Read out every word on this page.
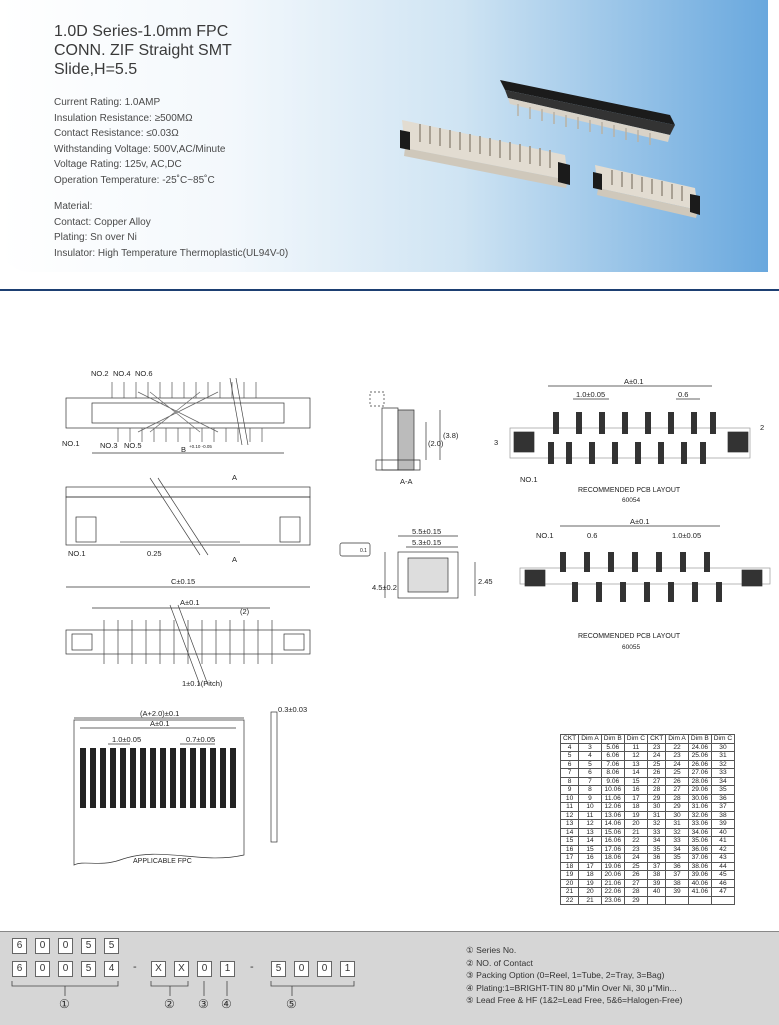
1.0D Series-1.0mm FPC
CONN. ZIF Straight SMT
Slide,H=5.5
Current Rating: 1.0AMP
Insulation Resistance: ≥500MΩ
Contact Resistance: ≤0.03Ω
Withstanding Voltage: 500V,AC/Minute
Voltage Rating: 125v, AC,DC
Operation Temperature: -25˚C~85˚C
Material:
Contact: Copper Alloy
Plating: Sn over Ni
Insulator: High Temperature Thermoplastic(UL94V-0)
NO.2 NO.4 NO.6
NO.1	NO.3 NO.5	B +0.10 -0.05
A
A
NO.1	0.25
C±0.15
A±0.1
(2)
1±0.1(Pitch)
(A+2.0)±0.1
A±0.1
1.0±0.05	0.7±0.05
0.3±0.03
APPLICABLE FPC
A-A
(2.0)
(3.8)
0.1
5.5±0.15
5.3±0.15
4.5±0.2
2.45
A±0.1
1.0±0.05	0.6
3
2
NO.1
RECOMMENDED PCB LAYOUT
60054
A±0.1
NO.1	0.6	1.0±0.05
RECOMMENDED PCB LAYOUT
60055
CKT	Dim A	Dim B	Dim C	CKT	Dim A	Dim B	Dim C
4	3	5.06	11	23	22	24.06	30
5	4	6.06	12	24	23	25.06	31
6	5	7.06	13	25	24	26.06	32
7	6	8.06	14	26	25	27.06	33
8	7	9.06	15	27	26	28.06	34
9	8	10.06	16	28	27	29.06	35
10	9	11.06	17	29	28	30.06	36
11	10	12.06	18	30	29	31.06	37
12	11	13.06	19	31	30	32.06	38
13	12	14.06	20	32	31	33.06	39
14	13	15.06	21	33	32	34.06	40
15	14	16.06	22	34	33	35.06	41
16	15	17.06	23	35	34	36.06	42
17	16	18.06	24	36	35	37.06	43
18	17	19.06	25	37	36	38.06	44
19	18	20.06	26	38	37	39.06	45
20	19	21.06	27	39	38	40.06	46
21	20	22.06	28	40	39	41.06	47
22	21	23.06	29				
6	0	0	5	5
6	0	0	5	4	-	X	X	0	1	-	5	0	0	1
①	② ③ ④	⑤
① Series No.
② NO. of Contact
③ Packing Option (0=Reel, 1=Tube, 2=Tray, 3=Bag)
④ Plating:1=BRIGHT-TIN 80 μ"Min Over Ni, 30 μ"Min...
⑤ Lead Free & HF (1&2=Lead Free, 5&6=Halogen-Free)
